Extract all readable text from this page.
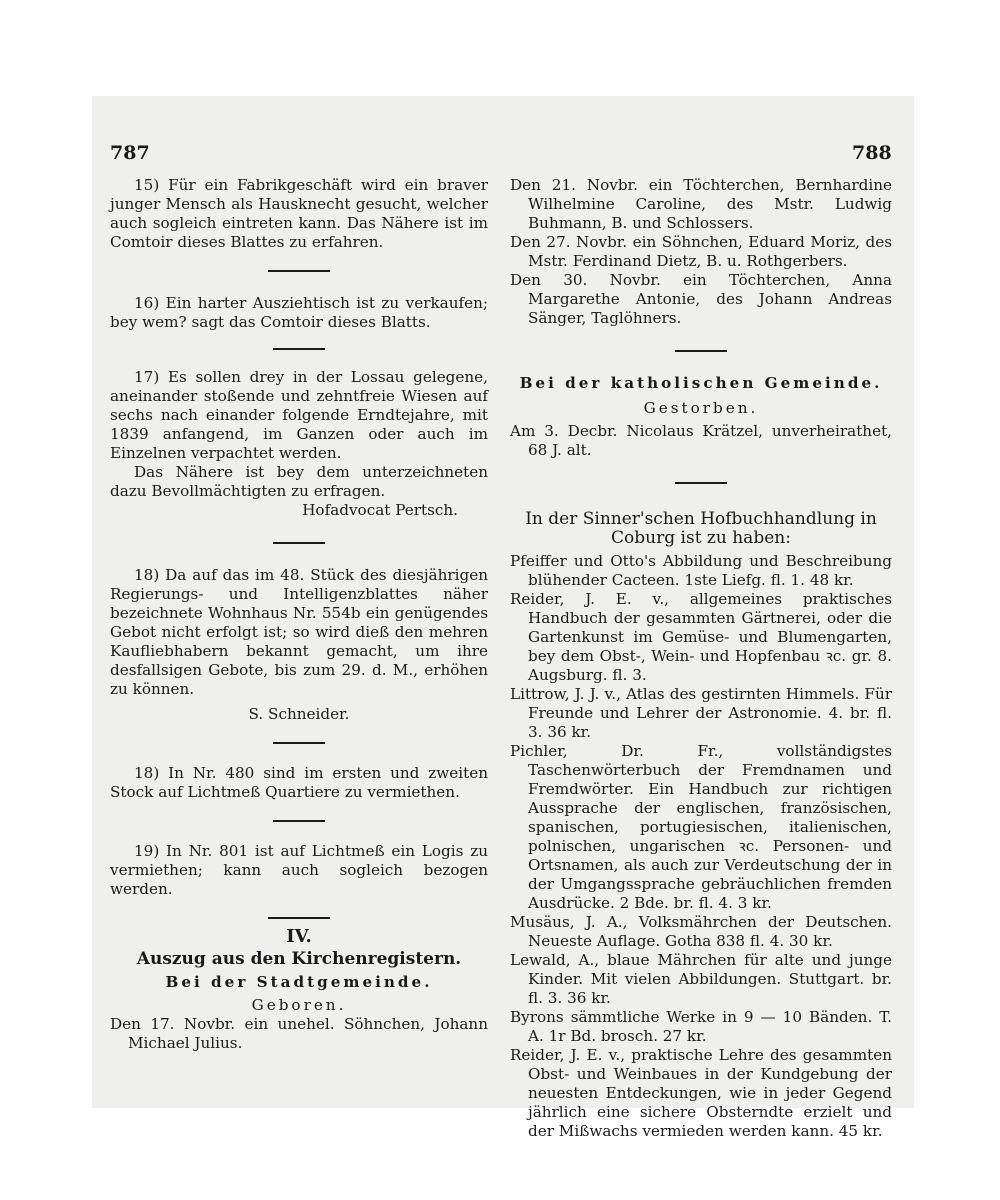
787	788

15) Für ein Fabrikgeschäft wird ein braver junger Mensch als Hausknecht gesucht, welcher auch sogleich eintreten kann. Das Nähere ist im Comtoir dieses Blattes zu erfahren.

16) Ein harter Ausziehtisch ist zu verkaufen; bey wem? sagt das Comtoir dieses Blatts.

17) Es sollen drey in der Lossau gelegene, aneinander stoßende und zehntfreie Wiesen auf sechs nach einander folgende Erndtejahre, mit 1839 anfangend, im Ganzen oder auch im Einzelnen verpachtet werden.

Das Nähere ist bey dem unterzeichneten dazu Bevollmächtigten zu erfragen.

Hofadvocat Pertsch.

18) Da auf das im 48. Stück des diesjährigen Regierungs- und Intelligenzblattes näher bezeichnete Wohnhaus Nr. 554b ein genügendes Gebot nicht erfolgt ist; so wird dieß den mehren Kaufliebhabern bekannt gemacht, um ihre desfallsigen Gebote, bis zum 29. d. M., erhöhen zu können.

S. Schneider.

18) In Nr. 480 sind im ersten und zweiten Stock auf Lichtmeß Quartiere zu vermiethen.

19) In Nr. 801 ist auf Lichtmeß ein Logis zu vermiethen; kann auch sogleich bezogen werden.

IV.

Auszug aus den Kirchenregistern.

Bei der Stadtgemeinde.

Geboren.

Den 17. Novbr. ein unehel. Söhnchen, Johann Michael Julius.

Den 21. Novbr. ein Töchterchen, Bernhardine Wilhelmine Caroline, des Mstr. Ludwig Buhmann, B. und Schlossers.

Den 27. Novbr. ein Söhnchen, Eduard Moriz, des Mstr. Ferdinand Dietz, B. u. Rothgerbers.

Den 30. Novbr. ein Töchterchen, Anna Margarethe Antonie, des Johann Andreas Sänger, Taglöhners.

Bei der katholischen Gemeinde.

Gestorben.

Am 3. Decbr. Nicolaus Krätzel, unverheirathet, 68 J. alt.

In der Sinner'schen Hofbuchhandlung in Coburg ist zu haben:

Pfeiffer und Otto's Abbildung und Beschreibung blühender Cacteen. 1ste Liefg. fl. 1. 48 kr.

Reider, J. E. v., allgemeines praktisches Handbuch der gesammten Gärtnerei, oder die Gartenkunst im Gemüse- und Blumengarten, bey dem Obst-, Wein- und Hopfenbau ꝛc. gr. 8. Augsburg. fl. 3.

Littrow, J. J. v., Atlas des gestirnten Himmels. Für Freunde und Lehrer der Astronomie. 4. br. fl. 3. 36 kr.

Pichler, Dr. Fr., vollständigstes Taschenwörterbuch der Fremdnamen und Fremdwörter. Ein Handbuch zur richtigen Aussprache der englischen, französischen, spanischen, portugiesischen, italienischen, polnischen, ungarischen ꝛc. Personen- und Ortsnamen, als auch zur Verdeutschung der in der Umgangssprache gebräuchlichen fremden Ausdrücke. 2 Bde. br. fl. 4. 3 kr.

Musäus, J. A., Volksmährchen der Deutschen. Neueste Auflage. Gotha 838 fl. 4. 30 kr.

Lewald, A., blaue Mährchen für alte und junge Kinder. Mit vielen Abbildungen. Stuttgart. br. fl. 3. 36 kr.

Byrons sämmtliche Werke in 9 — 10 Bänden. T. A. 1r Bd. brosch. 27 kr.

Reider, J. E. v., praktische Lehre des gesammten Obst- und Weinbaues in der Kundgebung der neuesten Entdeckungen, wie in jeder Gegend jährlich eine sichere Obsterndte erzielt und der Mißwachs vermieden werden kann. 45 kr.
